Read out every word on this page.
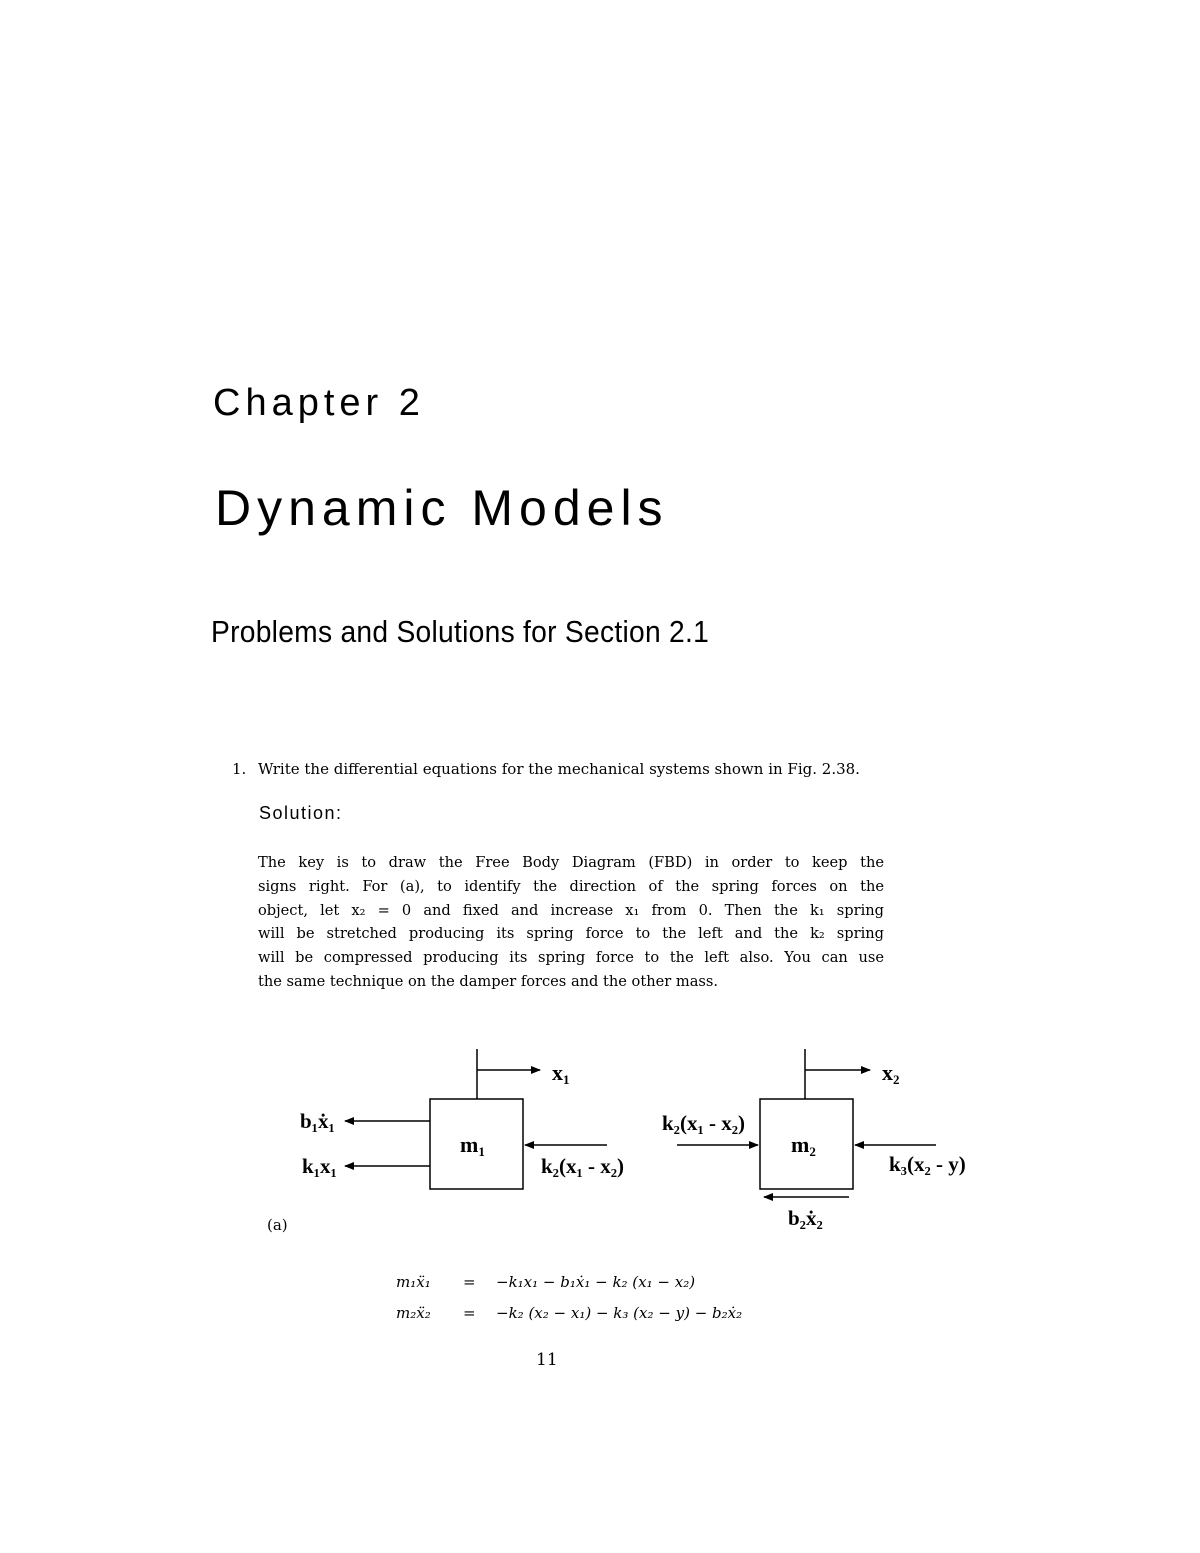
Chapter 2
Dynamic Models
Problems and Solutions for Section 2.1
1. Write the differential equations for the mechanical systems shown in Fig. 2.38.
Solution:
The key is to draw the Free Body Diagram (FBD) in order to keep the
signs right. For (a), to identify the direction of the spring forces on the
object, let x₂ = 0 and fixed and increase x₁ from 0. Then the k₁ spring
will be stretched producing its spring force to the left and the k₂ spring
will be compressed producing its spring force to the left also. You can use
the same technique on the damper forces and the other mass.
m1
x1
b₁ẋ₁
k₁x₁	k₂(x₁ - x₂)
m2
x2
k₂(x₁ - x₂)
k₃(x₂ - y)
b₂ẋ₂
(a)
m₁ẍ₁ = −k₁x₁ − b₁ẋ₁ − k₂ (x₁ − x₂)
m₂ẍ₂ = −k₂ (x₂ − x₁) − k₃ (x₂ − y) − b₂ẋ₂
11
